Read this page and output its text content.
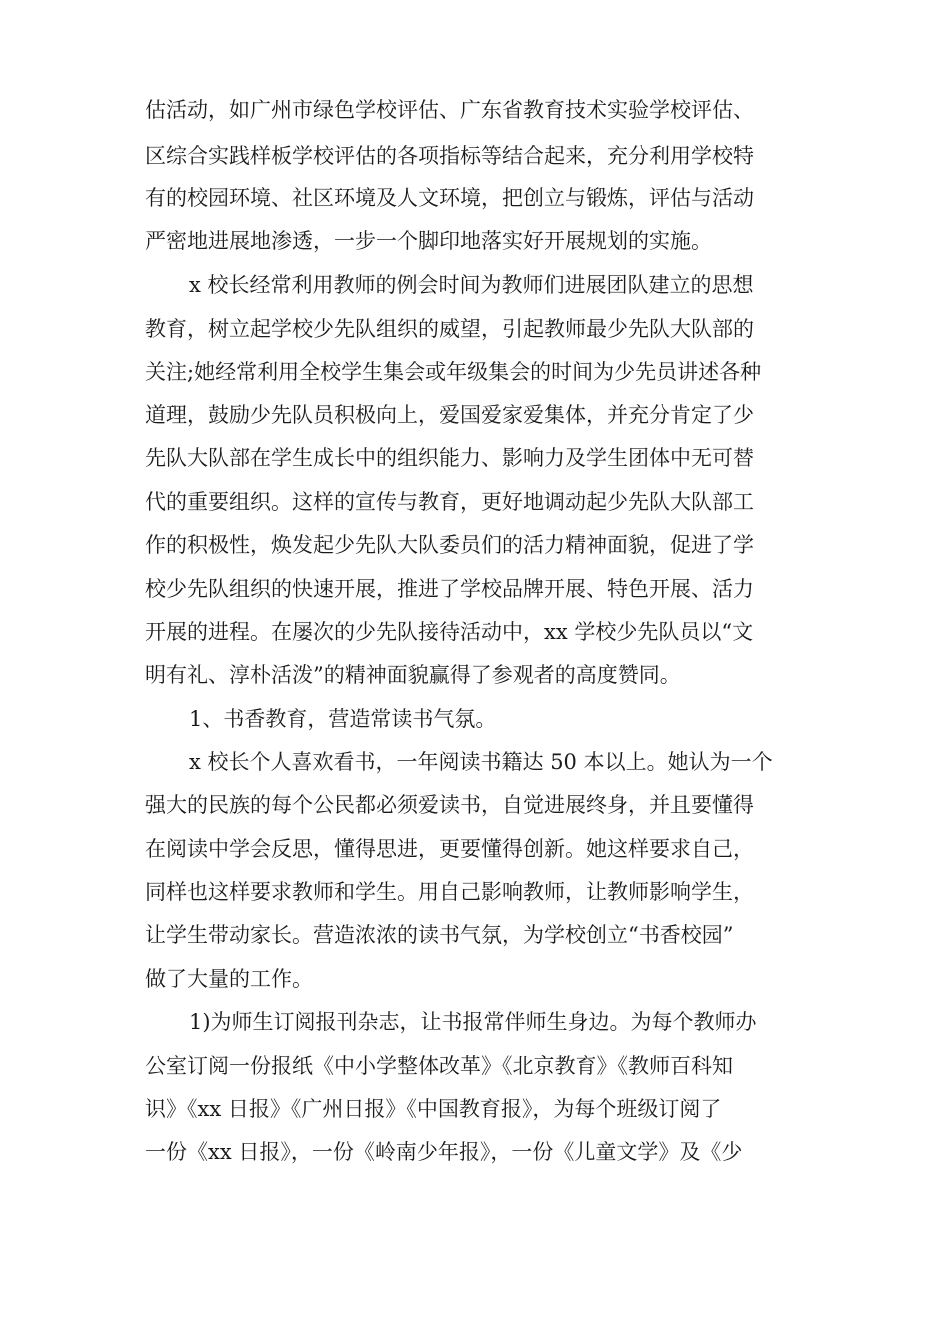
估活动，如广州市绿色学校评估、广东省教育技术实验学校评估、

区综合实践样板学校评估的各项指标等结合起来，充分利用学校特

有的校园环境、社区环境及人文环境，把创立与锻炼，评估与活动

严密地进展地渗透，一步一个脚印地落实好开展规划的实施。

x 校长经常利用教师的例会时间为教师们进展团队建立的思想

教育，树立起学校少先队组织的威望，引起教师最少先队大队部的

关注;她经常利用全校学生集会或年级集会的时间为少先员讲述各种

道理，鼓励少先队员积极向上，爱国爱家爱集体，并充分肯定了少

先队大队部在学生成长中的组织能力、影响力及学生团体中无可替

代的重要组织。这样的宣传与教育，更好地调动起少先队大队部工

作的积极性，焕发起少先队大队委员们的活力精神面貌，促进了学

校少先队组织的快速开展，推进了学校品牌开展、特色开展、活力

开展的进程。在屡次的少先队接待活动中，xx 学校少先队员以“文

明有礼、淳朴活泼”的精神面貌赢得了参观者的高度赞同。

1、书香教育，营造常读书气氛。

x 校长个人喜欢看书，一年阅读书籍达 50 本以上。她认为一个

强大的民族的每个公民都必须爱读书，自觉进展终身，并且要懂得

在阅读中学会反思，懂得思进，更要懂得创新。她这样要求自己，

同样也这样要求教师和学生。用自己影响教师，让教师影响学生，

让学生带动家长。营造浓浓的读书气氛，为学校创立“书香校园”

做了大量的工作。

1)为师生订阅报刊杂志，让书报常伴师生身边。为每个教师办

公室订阅一份报纸《中小学整体改革》《北京教育》《教师百科知

识》《xx 日报》《广州日报》《中国教育报》，为每个班级订阅了

一份《xx 日报》，一份《岭南少年报》，一份《儿童文学》及《少
